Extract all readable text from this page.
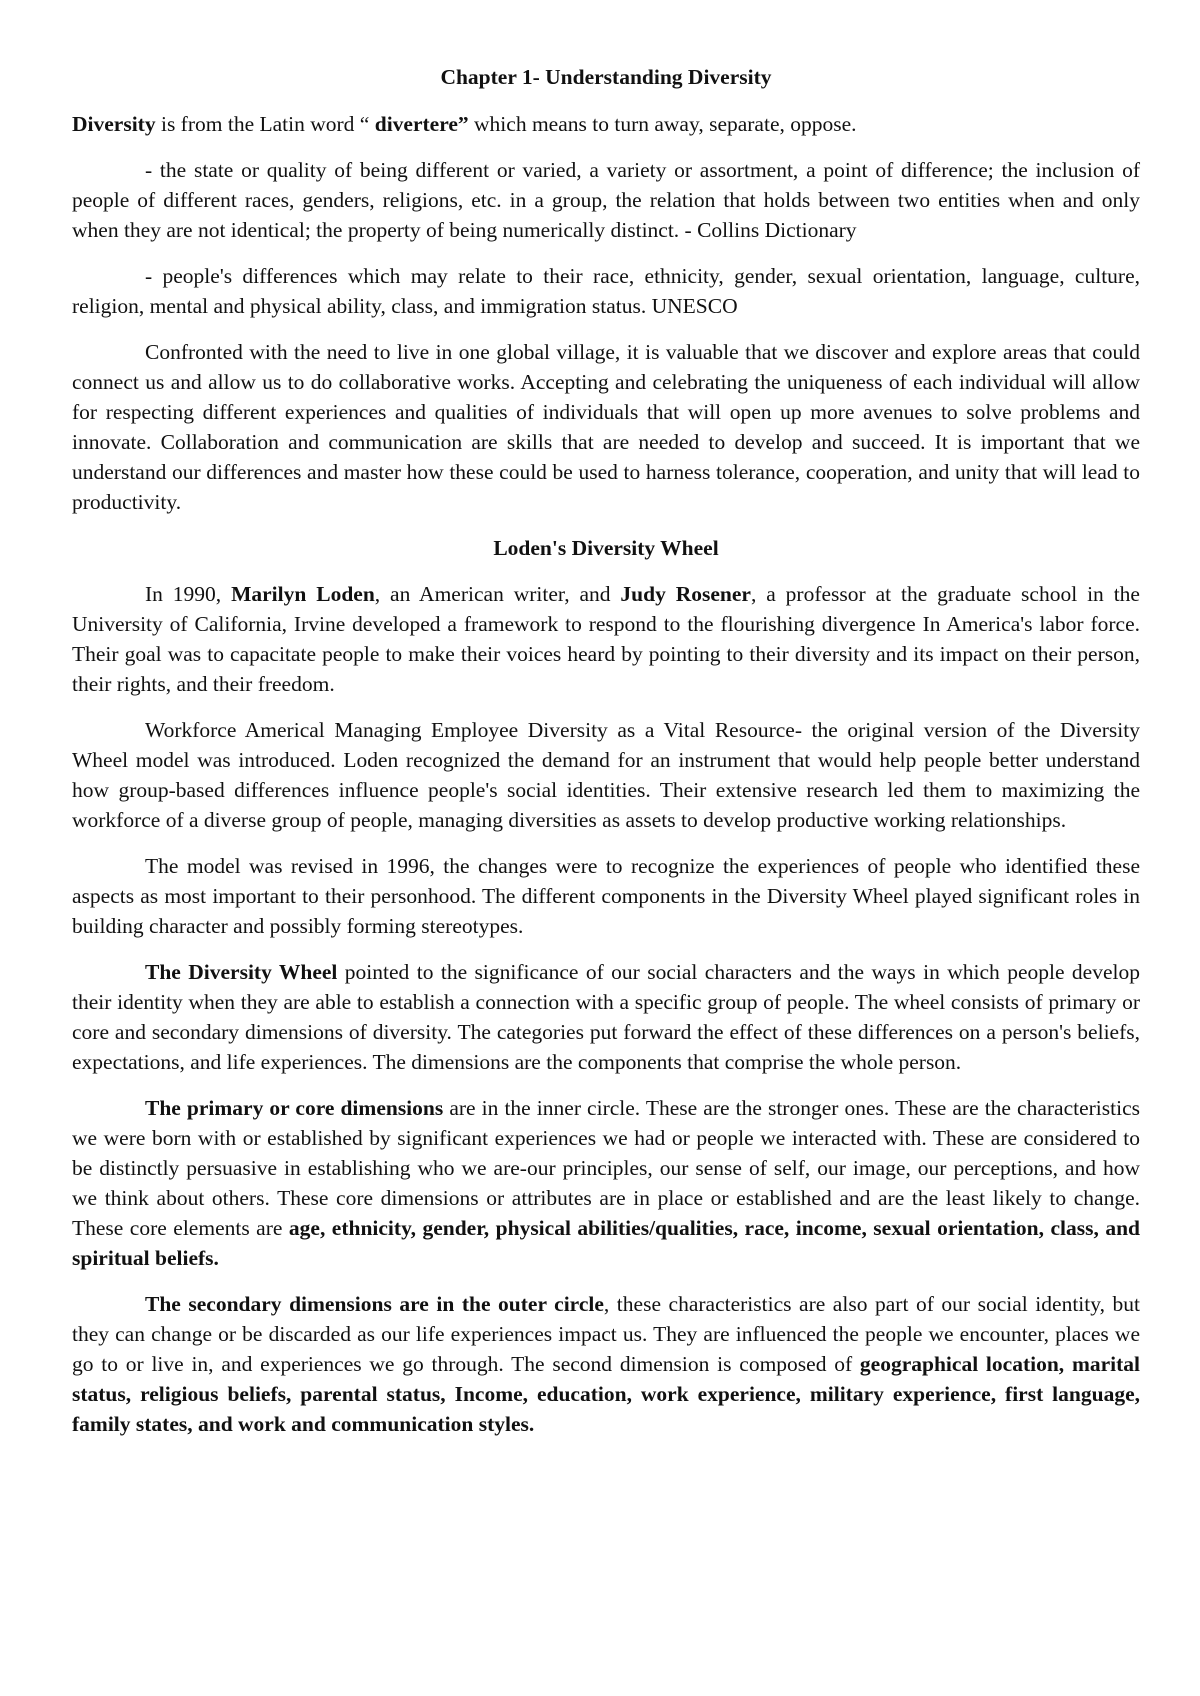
Chapter 1- Understanding Diversity

Diversity is from the Latin word “ divertere” which means to turn away, separate, oppose.

- the state or quality of being different or varied, a variety or assortment, a point of difference; the inclusion of people of different races, genders, religions, etc. in a group, the relation that holds between two entities when and only when they are not identical; the property of being numerically distinct. - Collins Dictionary

- people's differences which may relate to their race, ethnicity, gender, sexual orientation, language, culture, religion, mental and physical ability, class, and immigration status. UNESCO

Confronted with the need to live in one global village, it is valuable that we discover and explore areas that could connect us and allow us to do collaborative works. Accepting and celebrating the uniqueness of each individual will allow for respecting different experiences and qualities of individuals that will open up more avenues to solve problems and innovate. Collaboration and communication are skills that are needed to develop and succeed. It is important that we understand our differences and master how these could be used to harness tolerance, cooperation, and unity that will lead to productivity.

Loden's Diversity Wheel

In 1990, Marilyn Loden, an American writer, and Judy Rosener, a professor at the graduate school in the University of California, Irvine developed a framework to respond to the flourishing divergence In America's labor force. Their goal was to capacitate people to make their voices heard by pointing to their diversity and its impact on their person, their rights, and their freedom.

Workforce Americal Managing Employee Diversity as a Vital Resource- the original version of the Diversity Wheel model was introduced. Loden recognized the demand for an instrument that would help people better understand how group-based differences influence people's social identities. Their extensive research led them to maximizing the workforce of a diverse group of people, managing diversities as assets to develop productive working relationships.

The model was revised in 1996, the changes were to recognize the experiences of people who identified these aspects as most important to their personhood. The different components in the Diversity Wheel played significant roles in building character and possibly forming stereotypes.

The Diversity Wheel pointed to the significance of our social characters and the ways in which people develop their identity when they are able to establish a connection with a specific group of people. The wheel consists of primary or core and secondary dimensions of diversity. The categories put forward the effect of these differences on a person's beliefs, expectations, and life experiences. The dimensions are the components that comprise the whole person.

The primary or core dimensions are in the inner circle. These are the stronger ones. These are the characteristics we were born with or established by significant experiences we had or people we interacted with. These are considered to be distinctly persuasive in establishing who we are-our principles, our sense of self, our image, our perceptions, and how we think about others. These core dimensions or attributes are in place or established and are the least likely to change. These core elements are age, ethnicity, gender, physical abilities/qualities, race, income, sexual orientation, class, and spiritual beliefs.

The secondary dimensions are in the outer circle, these characteristics are also part of our social identity, but they can change or be discarded as our life experiences impact us. They are influenced the people we encounter, places we go to or live in, and experiences we go through. The second dimension is composed of geographical location, marital status, religious beliefs, parental status, Income, education, work experience, military experience, first language, family states, and work and communication styles.
